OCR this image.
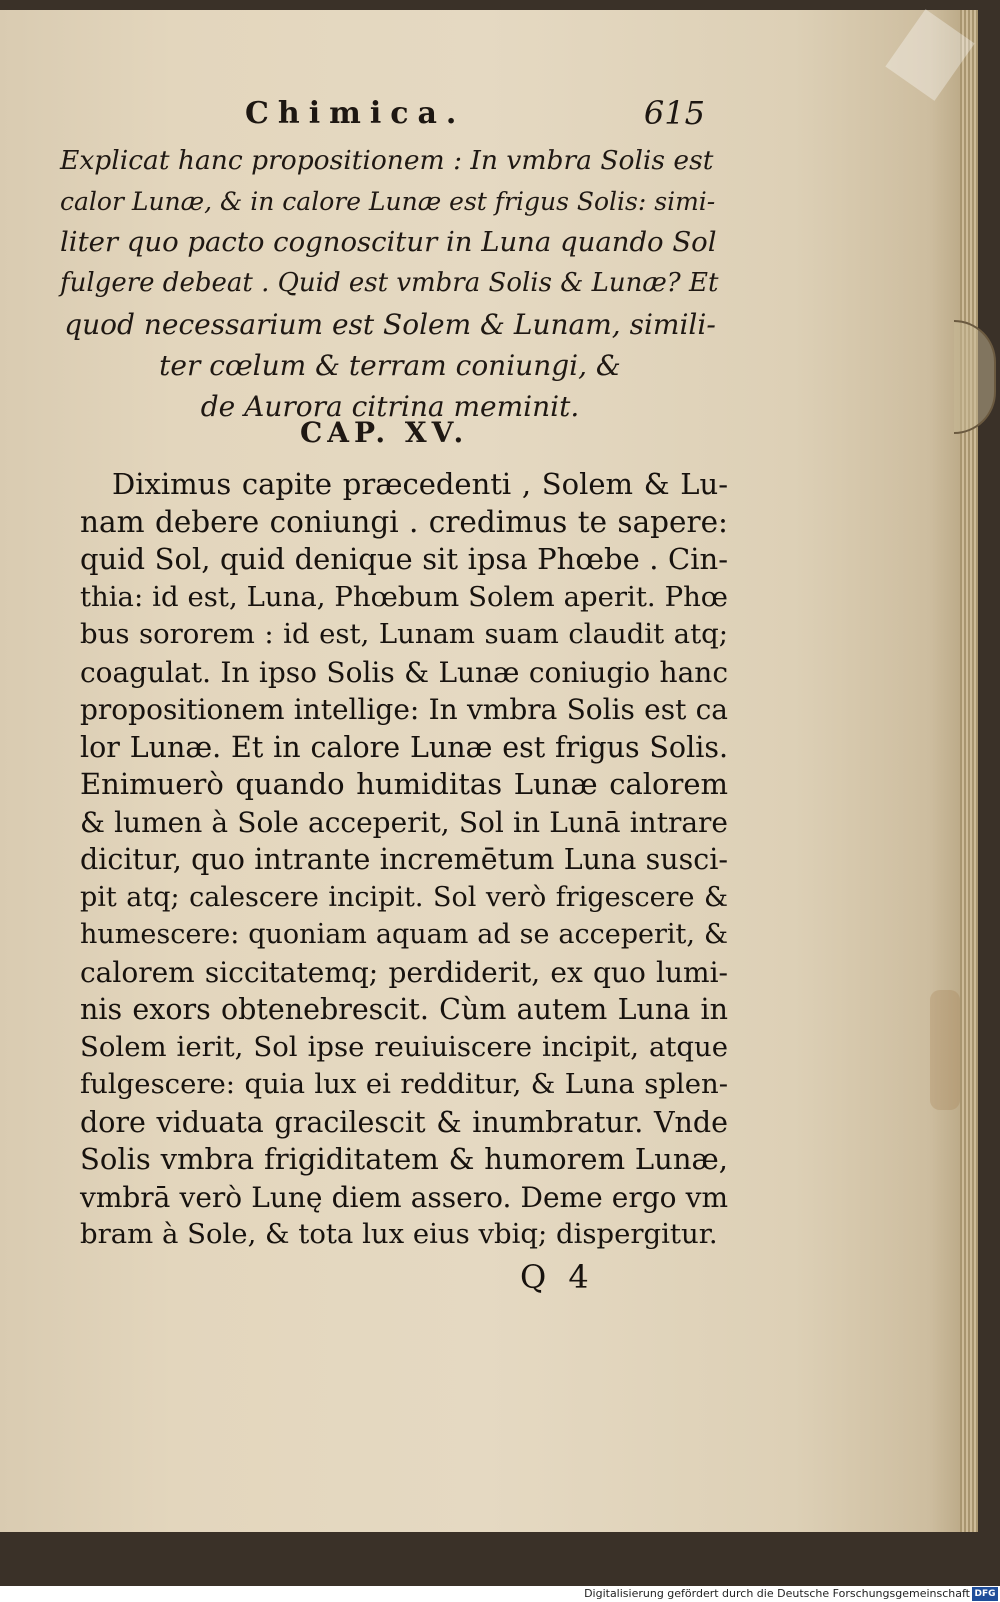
Chimica.	615
Explicat hanc propositionem : In vmbra Solis est
calor Lunæ, & in calore Lunæ est frigus Solis: simi-
liter quo pacto cognoscitur in Luna quando Sol
fulgere debeat . Quid est vmbra Solis & Lunæ? Et
quod necessarium est Solem & Lunam, simili-
ter cœlum & terram coniungi, &
de Aurora citrina meminit.
CAP. XV.
Diximus capite præcedenti , Solem & Lu-
nam debere coniungi . credimus te sapere:
quid Sol, quid denique sit ipsa Phœbe . Cin-
thia: id est, Luna, Phœbum Solem aperit. Phœ
bus sororem : id est, Lunam suam claudit atq;
coagulat. In ipso Solis & Lunæ coniugio hanc
propositionem intellige: In vmbra Solis est ca
lor Lunæ. Et in calore Lunæ est frigus Solis.
Enimuerò quando humiditas Lunæ calorem
& lumen à Sole acceperit, Sol in Lunā intrare
dicitur, quo intrante incremētum Luna susci-
pit atq; calescere incipit. Sol verò frigescere &
humescere: quoniam aquam ad se acceperit, &
calorem siccitatemq; perdiderit, ex quo lumi-
nis exors obtenebrescit. Cùm autem Luna in
Solem ierit, Sol ipse reuiuiscere incipit, atque
fulgescere: quia lux ei redditur, & Luna splen-
dore viduata gracilescit & inumbratur. Vnde
Solis vmbra frigiditatem & humorem Lunæ,
vmbrā verò Lunę diem assero. Deme ergo vm
bram à Sole, & tota lux eius vbiq; dispergitur.
Q 4
Digitalisierung gefördert durch die Deutsche Forschungsgemeinschaft DFG
